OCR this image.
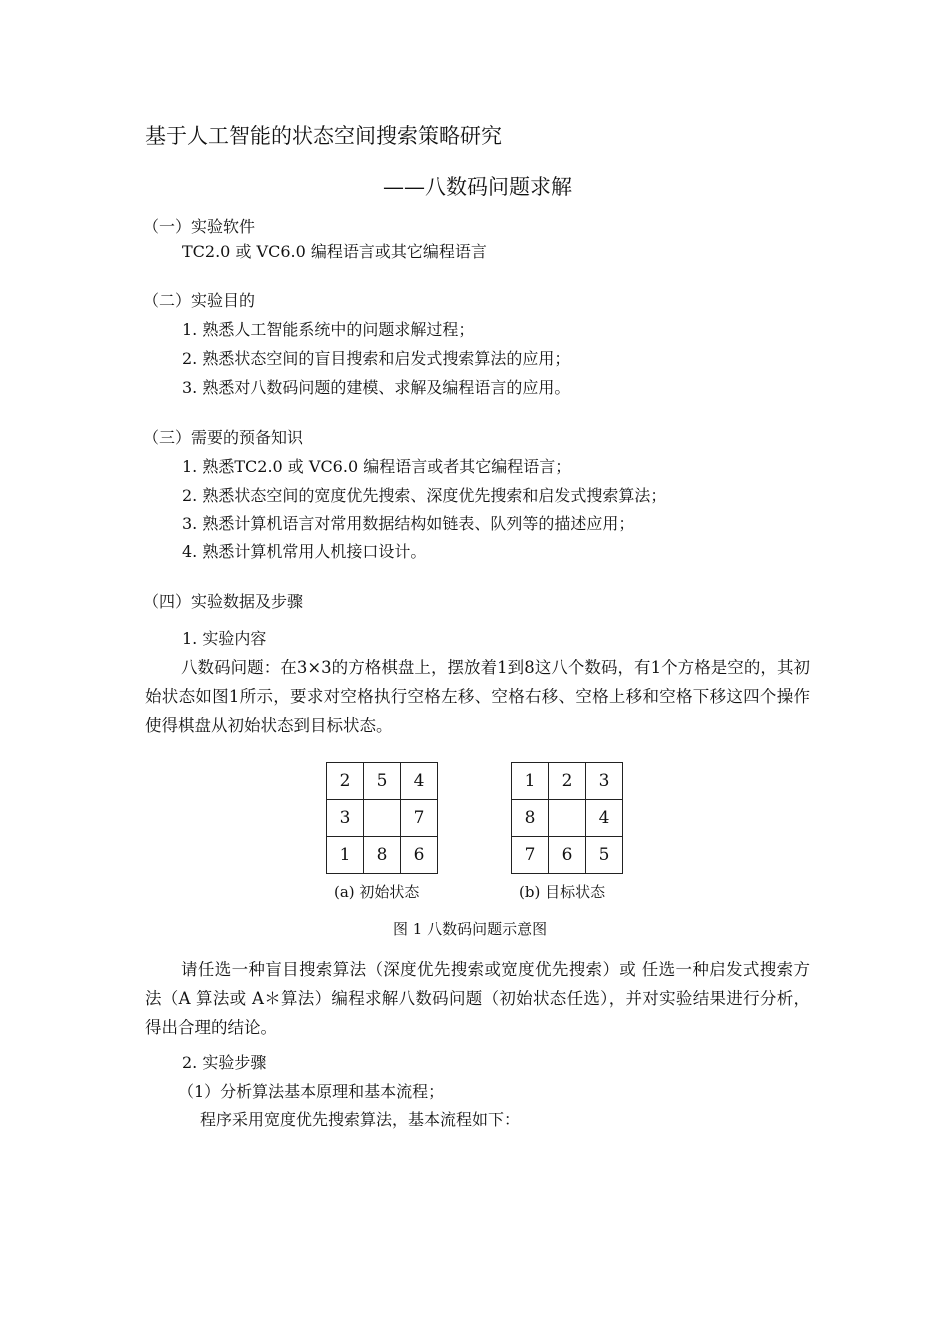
基于人工智能的状态空间搜索策略研究
——八数码问题求解
（一）实验软件
TC2.0 或 VC6.0 编程语言或其它编程语言
（二）实验目的
1. 熟悉人工智能系统中的问题求解过程；
2. 熟悉状态空间的盲目搜索和启发式搜索算法的应用；
3. 熟悉对八数码问题的建模、求解及编程语言的应用。
（三）需要的预备知识
1. 熟悉TC2.0 或 VC6.0 编程语言或者其它编程语言；
2. 熟悉状态空间的宽度优先搜索、深度优先搜索和启发式搜索算法；
3. 熟悉计算机语言对常用数据结构如链表、队列等的描述应用；
4. 熟悉计算机常用人机接口设计。
（四）实验数据及步骤
1. 实验内容
八数码问题：在3×3的方格棋盘上，摆放着1到8这八个数码，有1个方格是空的，其初始状态如图1所示，要求对空格执行空格左移、空格右移、空格上移和空格下移这四个操作使得棋盘从初始状态到目标状态。
2	5	4
3		7
1	8	6
1	2	3
8		4
7	6	5
(a) 初始状态	(b) 目标状态
图 1 八数码问题示意图
请任选一种盲目搜索算法（深度优先搜索或宽度优先搜索）或 任选一种启发式搜索方法（A 算法或 A＊算法）编程求解八数码问题（初始状态任选），并对实验结果进行分析，得出合理的结论。
2. 实验步骤
（1）分析算法基本原理和基本流程；
程序采用宽度优先搜索算法，基本流程如下：
